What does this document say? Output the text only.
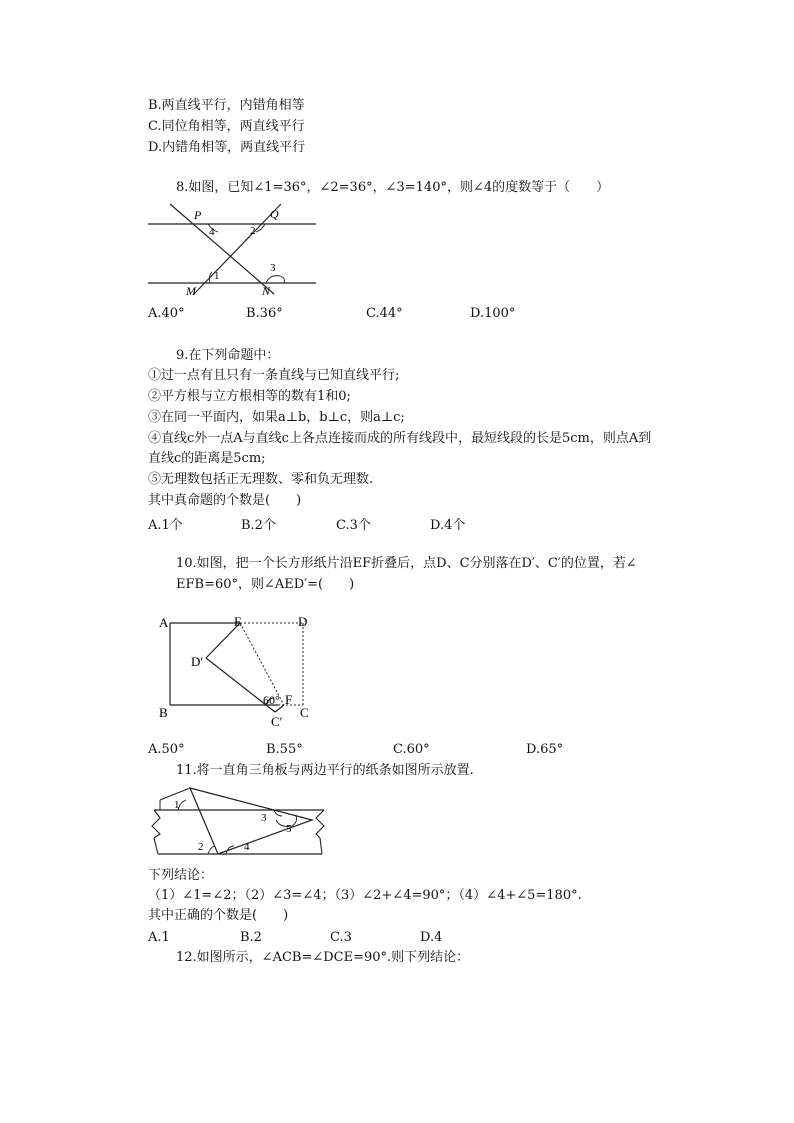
B.两直线平行，内错角相等
C.同位角相等，两直线平行
D.内错角相等，两直线平行
8.如图，已知∠1=36°，∠2=36°，∠3=140°，则∠4的度数等于（　　）
P	Q
M	N
4	2
1
3
A.40°	B.36°	C.44°	D.100°
9.在下列命题中：
①过一点有且只有一条直线与已知直线平行;
②平方根与立方根相等的数有1和0;
③在同一平面内，如果a⊥b，b⊥c，则a⊥c;
④直线c外一点A与直线c上各点连接而成的所有线段中，最短线段的长是5cm，则点A到
直线c的距离是5cm;
⑤无理数包括正无理数、零和负无理数.
其中真命题的个数是(　　)
A.1个	B.2个	C.3个	D.4个
10.如图，把一个长方形纸片沿EF折叠后，点D、C分别落在D′、C′的位置，若∠
EFB=60°，则∠AED′=(　　)
A	E	D
D′
B	C
F
60°
C′
A.50°	B.55°	C.60°	D.65°
11.将一直角三角板与两边平行的纸条如图所示放置.
1
2
3
4
5
下列结论：
（1）∠1=∠2；（2）∠3=∠4；（3）∠2+∠4=90°；（4）∠4+∠5=180°.
其中正确的个数是(　　)
A.1	B.2	C.3	D.4
12.如图所示，∠ACB=∠DCE=90°.则下列结论：
